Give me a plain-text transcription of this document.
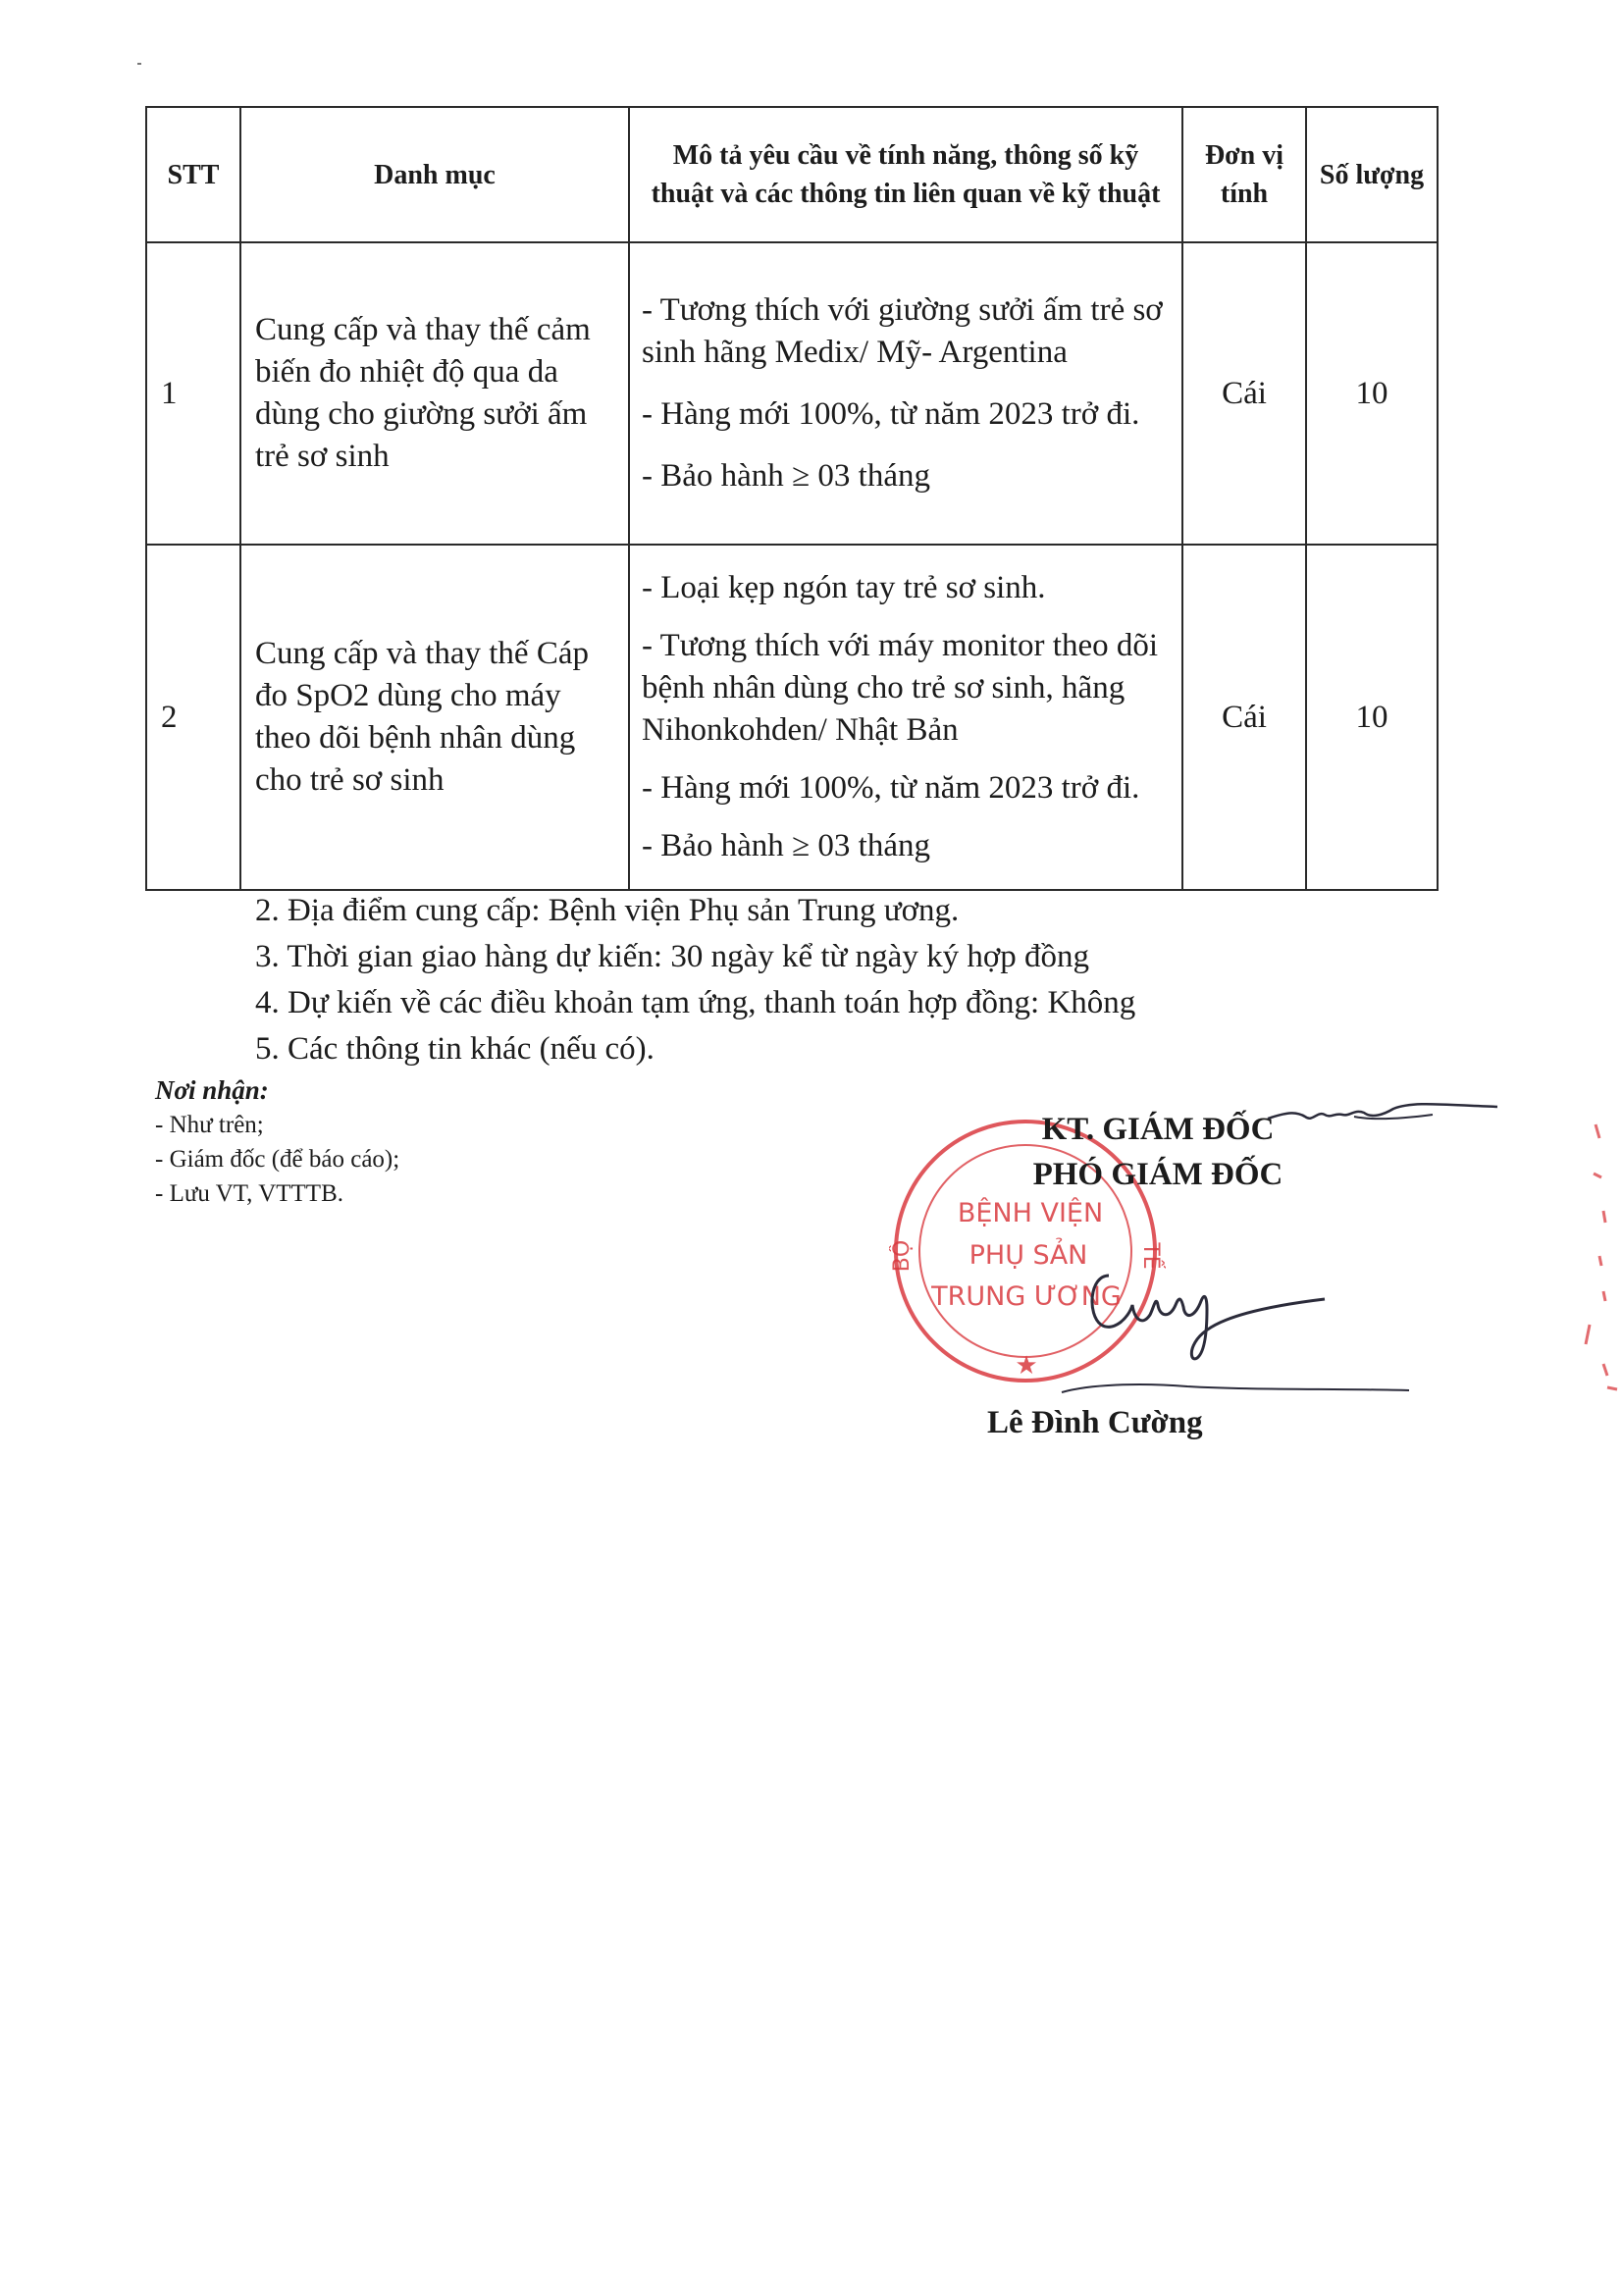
STT	Danh mục	Mô tả yêu cầu về tính năng, thông số kỹ thuật và các thông tin liên quan về kỹ thuật	Đơn vị tính	Số lượng
1	Cung cấp và thay thế cảm biến đo nhiệt độ qua da dùng cho giường sưởi ấm trẻ sơ sinh	- Tương thích với giường sưởi ấm trẻ sơ sinh hãng Medix/ Mỹ- Argentina
- Hàng mới 100%, từ năm 2023 trở đi.
- Bảo hành ≥ 03 tháng	Cái	10
2	Cung cấp và thay thế Cáp đo SpO2 dùng cho máy theo dõi bệnh nhân dùng cho trẻ sơ sinh	- Loại kẹp ngón tay trẻ sơ sinh.
- Tương thích với máy monitor theo dõi bệnh nhân dùng cho trẻ sơ sinh, hãng Nihonkohden/ Nhật Bản
- Hàng mới 100%, từ năm 2023 trở đi.
- Bảo hành ≥ 03 tháng	Cái	10
2. Địa điểm cung cấp: Bệnh viện Phụ sản Trung ương.
3. Thời gian giao hàng dự kiến: 30 ngày kể từ ngày ký hợp đồng
4. Dự kiến về các điều khoản tạm ứng, thanh toán hợp đồng: Không
5. Các thông tin khác (nếu có).
Nơi nhận:
- Như trên;
- Giám đốc (để báo cáo);
- Lưu VT, VTTTB.
BỆNH VIỆN
PHỤ SẢN
TRUNG ƯƠNG
BỘ	TẾ
★
KT. GIÁM ĐỐC
PHÓ GIÁM ĐỐC
Lê Đình Cường
